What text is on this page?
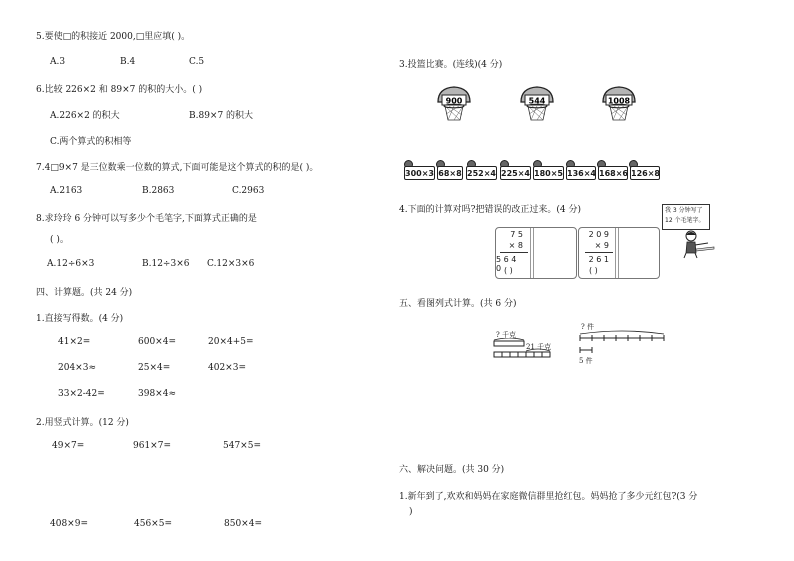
5.要使□的积接近 2000,□里应填( )。
A.3	B.4	C.5
6.比较 226×2 和 89×7 的积的大小。( )
A.226×2 的积大	B.89×7 的积大
C.两个算式的积相等
7.4□9×7 是三位数乘一位数的算式,下面可能是这个算式的积的是( )。
A.2163	B.2863	C.2963
8.求玲玲 6 分钟可以写多少个毛笔字,下面算式正确的是
( )。
A.12÷6×3	B.12÷3×6 C.12×3×6
四、计算题。(共 24 分)
1.直接写得数。(4 分)
41×2=	600×4=	20×4+5=
204×3≈	25×4=	402×3=
33×2-42=	398×4≈
2.用竖式计算。(12 分)
49×7=	961×7=	547×5=
408×9=	456×5=	850×4=
3.投篮比赛。(连线)(4 分)
900	544	1008
300×3 68×8 252×4 225×4 180×5 136×4 168×6 126×8
4.下面的计算对吗?把错误的改正过来。(4 分)
7 5
× 8
5 6 4 0 ( )
2 0 9
× 9
2 6 1
( )
我 3 分钟写了
12 个毛笔字。
五、看图列式计算。(共 6 分)
? 千克
21 千克
? 件
5 件
六、解决问题。(共 30 分)
1.新年到了,欢欢和妈妈在家庭微信群里抢红包。妈妈抢了多少元红包?(3 分
)
